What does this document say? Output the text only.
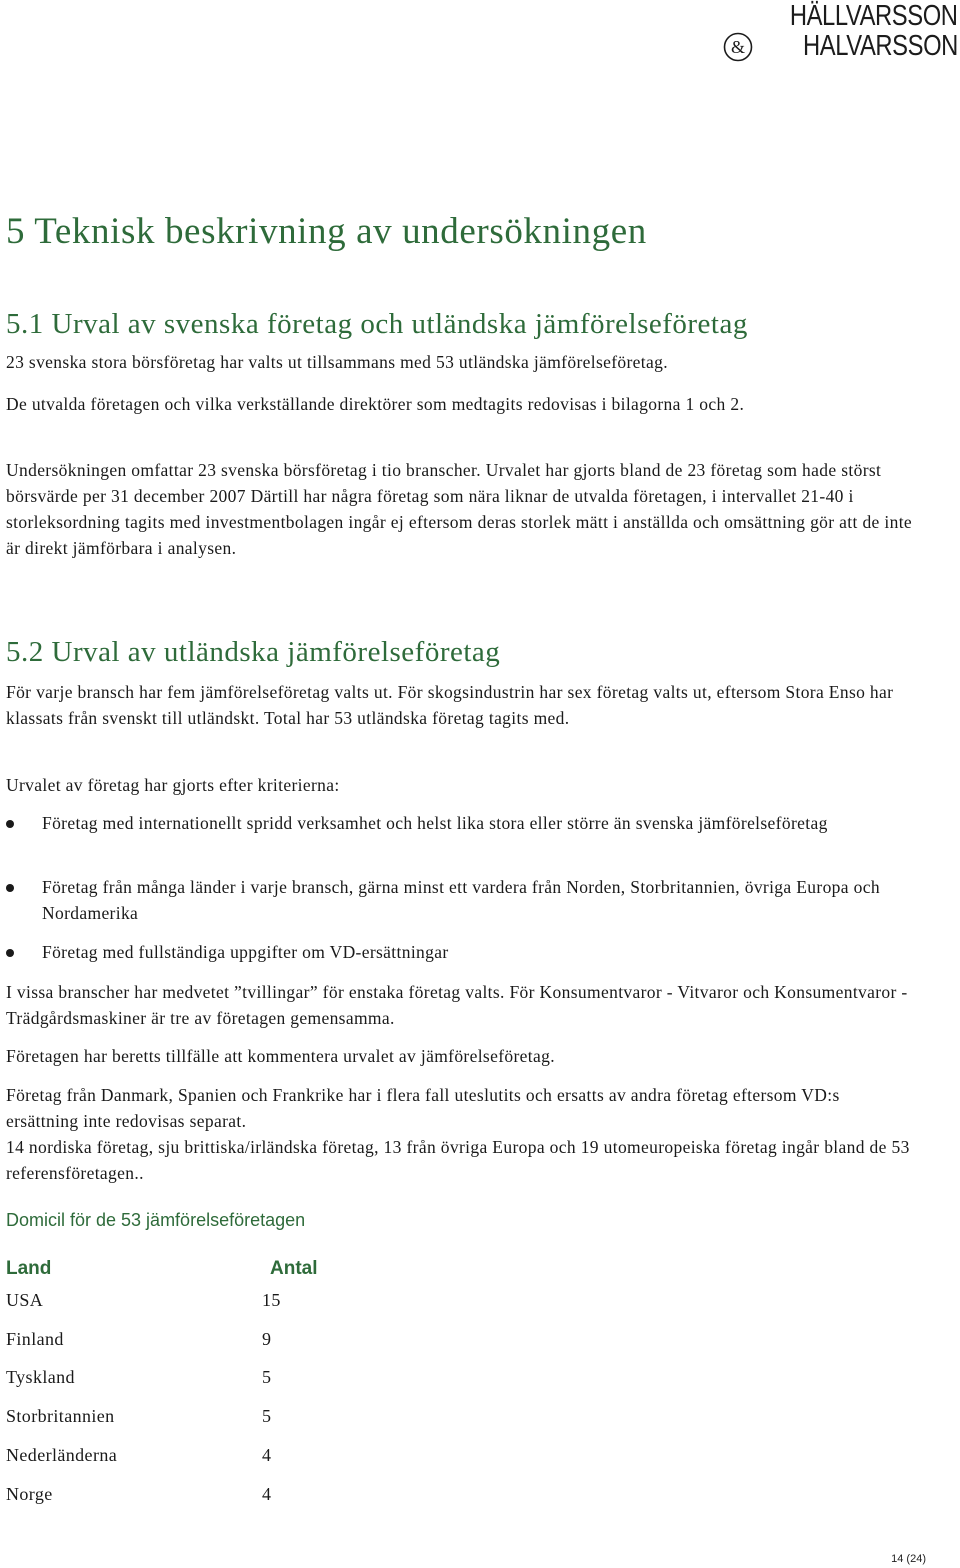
HÄLLVARSSON
& HALVARSSON
5 Teknisk beskrivning av undersökningen
5.1 Urval av svenska företag och utländska jämförelseföretag

23 svenska stora börsföretag har valts ut tillsammans med 53 utländska jämförelseföretag.

De utvalda företagen och vilka verkställande direktörer som medtagits redovisas i bilagorna 1 och 2.

Undersökningen omfattar 23 svenska börsföretag i tio branscher. Urvalet har gjorts bland de 23 företag som hade störst börsvärde per 31 december 2007 Därtill har några företag som nära liknar de utvalda företagen, i intervallet 21-40 i storleksordning tagits med investmentbolagen ingår ej eftersom deras storlek mätt i anställda och omsättning gör att de inte är direkt jämförbara i analysen.

5.2 Urval av utländska jämförelseföretag

För varje bransch har fem jämförelseföretag valts ut. För skogsindustrin har sex företag valts ut, eftersom Stora Enso har klassats från svenskt till utländskt. Total har 53 utländska företag tagits med.

Urvalet av företag har gjorts efter kriterierna:

Företag med internationellt spridd verksamhet och helst lika stora eller större än svenska jämförelseföretag
Företag från många länder i varje bransch, gärna minst ett vardera från Norden, Storbritannien, övriga Europa och Nordamerika
Företag med fullständiga uppgifter om VD-ersättningar

I vissa branscher har medvetet ”tvillingar” för enstaka företag valts. För Konsumentvaror - Vitvaror och Konsumentvaror - Trädgårdsmaskiner är tre av företagen gemensamma.

Företagen har beretts tillfälle att kommentera urvalet av jämförelseföretag.

Företag från Danmark, Spanien och Frankrike har i flera fall uteslutits och ersatts av andra företag eftersom VD:s ersättning inte redovisas separat.

14 nordiska företag, sju brittiska/irländska företag, 13 från övriga Europa och 19 utomeuropeiska företag ingår bland de 53 referensföretagen..

Domicil för de 53 jämförelseföretagen

Land	Antal
USA	15
Finland	9
Tyskland	5
Storbritannien	5
Nederländerna	4
Norge	4
14 (24)
